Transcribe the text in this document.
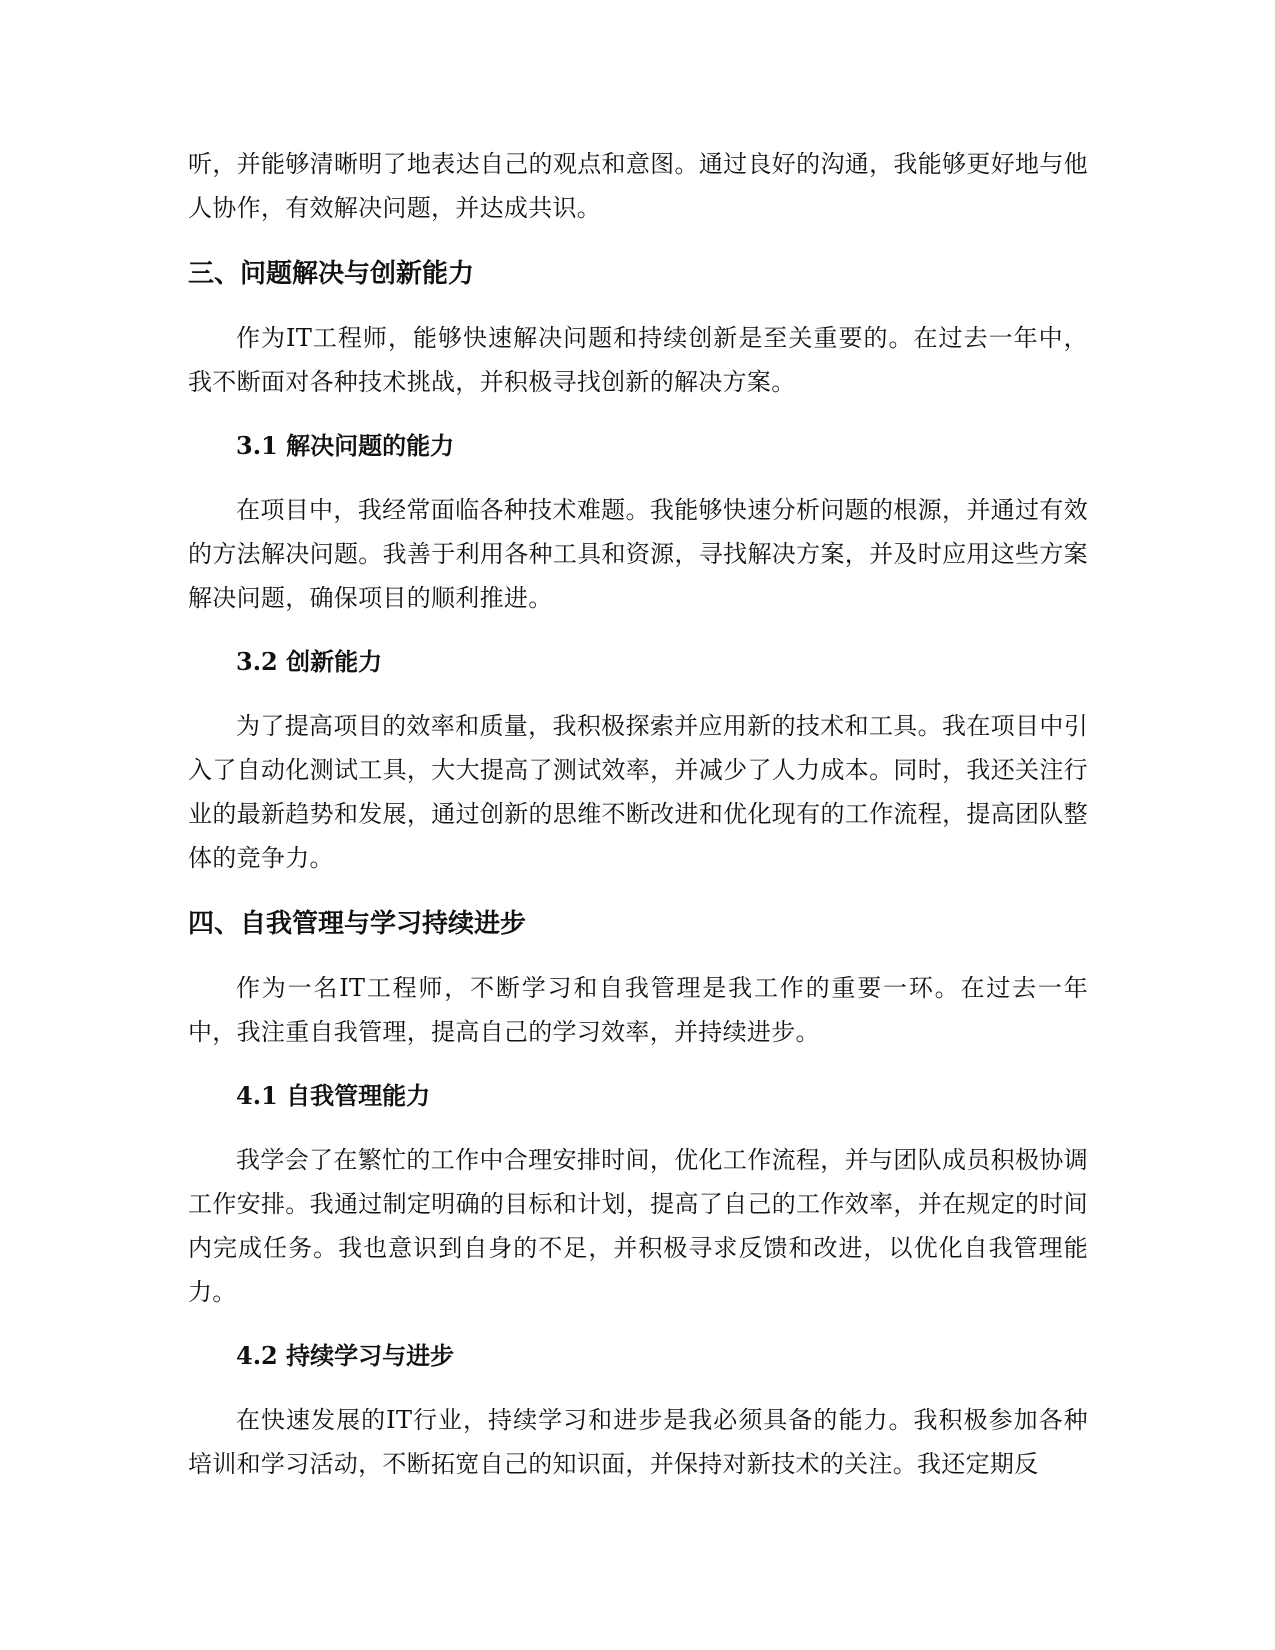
听，并能够清晰明了地表达自己的观点和意图。通过良好的沟通，我能够更好地与他人协作，有效解决问题，并达成共识。

三、问题解决与创新能力

作为IT工程师，能够快速解决问题和持续创新是至关重要的。在过去一年中，我不断面对各种技术挑战，并积极寻找创新的解决方案。

3.1 解决问题的能力

在项目中，我经常面临各种技术难题。我能够快速分析问题的根源，并通过有效的方法解决问题。我善于利用各种工具和资源，寻找解决方案，并及时应用这些方案解决问题，确保项目的顺利推进。

3.2 创新能力

为了提高项目的效率和质量，我积极探索并应用新的技术和工具。我在项目中引入了自动化测试工具，大大提高了测试效率，并减少了人力成本。同时，我还关注行业的最新趋势和发展，通过创新的思维不断改进和优化现有的工作流程，提高团队整体的竞争力。

四、自我管理与学习持续进步

作为一名IT工程师，不断学习和自我管理是我工作的重要一环。在过去一年中，我注重自我管理，提高自己的学习效率，并持续进步。

4.1 自我管理能力

我学会了在繁忙的工作中合理安排时间，优化工作流程，并与团队成员积极协调工作安排。我通过制定明确的目标和计划，提高了自己的工作效率，并在规定的时间内完成任务。我也意识到自身的不足，并积极寻求反馈和改进，以优化自我管理能力。

4.2 持续学习与进步

在快速发展的IT行业，持续学习和进步是我必须具备的能力。我积极参加各种培训和学习活动，不断拓宽自己的知识面，并保持对新技术的关注。我还定期反
